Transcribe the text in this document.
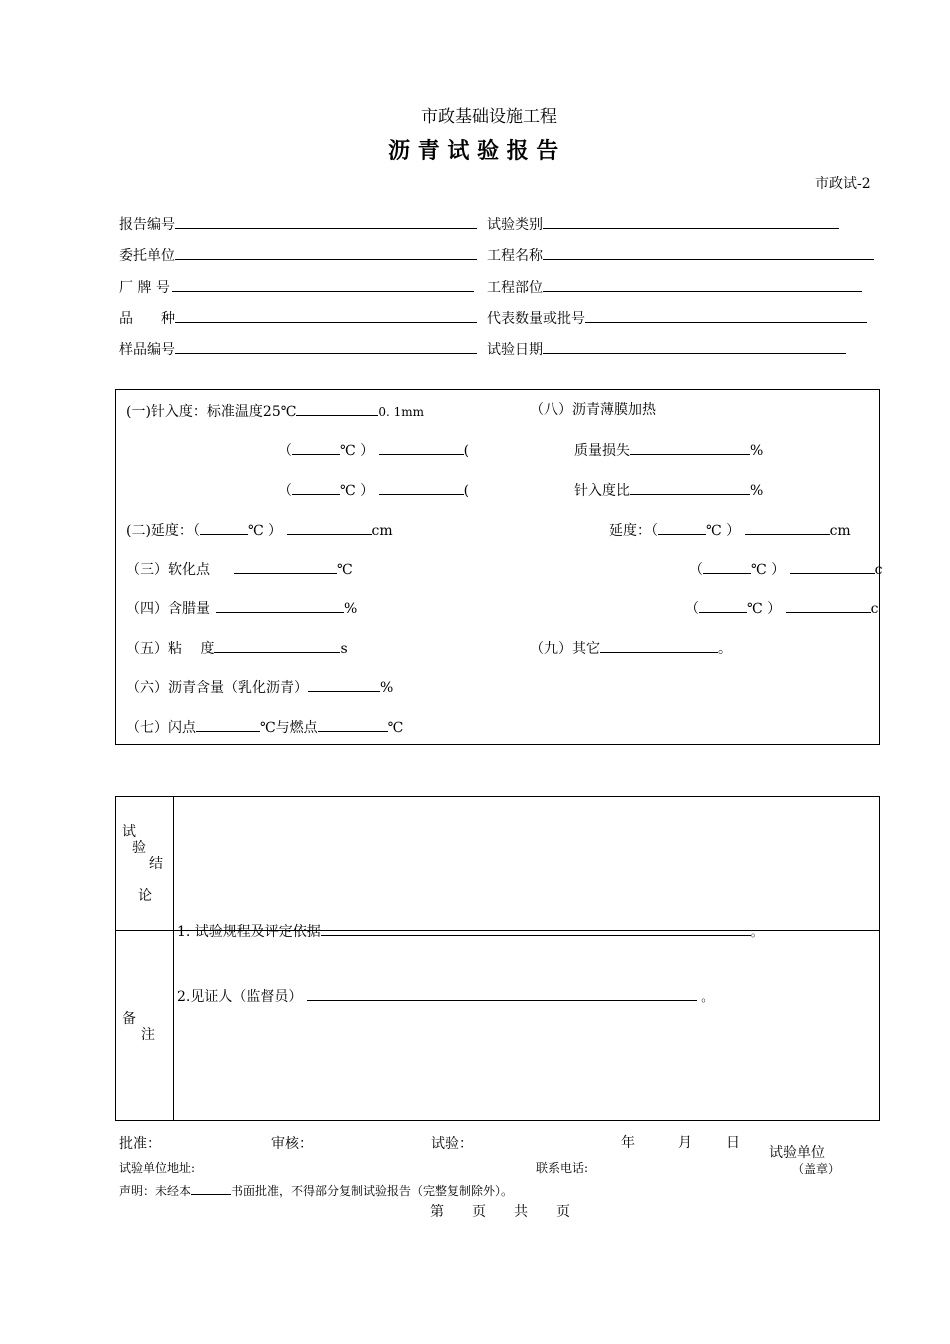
市政基础设施工程
沥 青 试 验 报 告
市政试-2
报告编号	试验类别
委托单位	工程名称
厂 牌 号	工程部位
品　　种	代表数量或批号
样品编号	试验日期
(一)针入度：标准温度25℃	0. 1mm
（	℃ ）	(
（	℃ ）	(
(二)延度：（	℃ ）	cm
（三）软化点	℃
（四）含腊量	%
（五）粘　 度	s
（六）沥青含量（乳化沥青）	%
（七）闪点	℃与燃点	℃
（八）沥青薄膜加热
质量损失	%
针入度比	%
延度：（	℃ ）	cm
（	℃ ）	c
（	℃ ）	c
（九）其它	。
试
验
结
论
备
注
1. 试验规程及评定依据	。
2.见证人（监督员）	。
批准：	审核：	试验：	年	月 日
试验单位
（盖章）
试验单位地址:	联系电话:
声明：未经本	书面批准，不得部分复制试验报告（完整复制除外）。
第　　页　　共　　页
